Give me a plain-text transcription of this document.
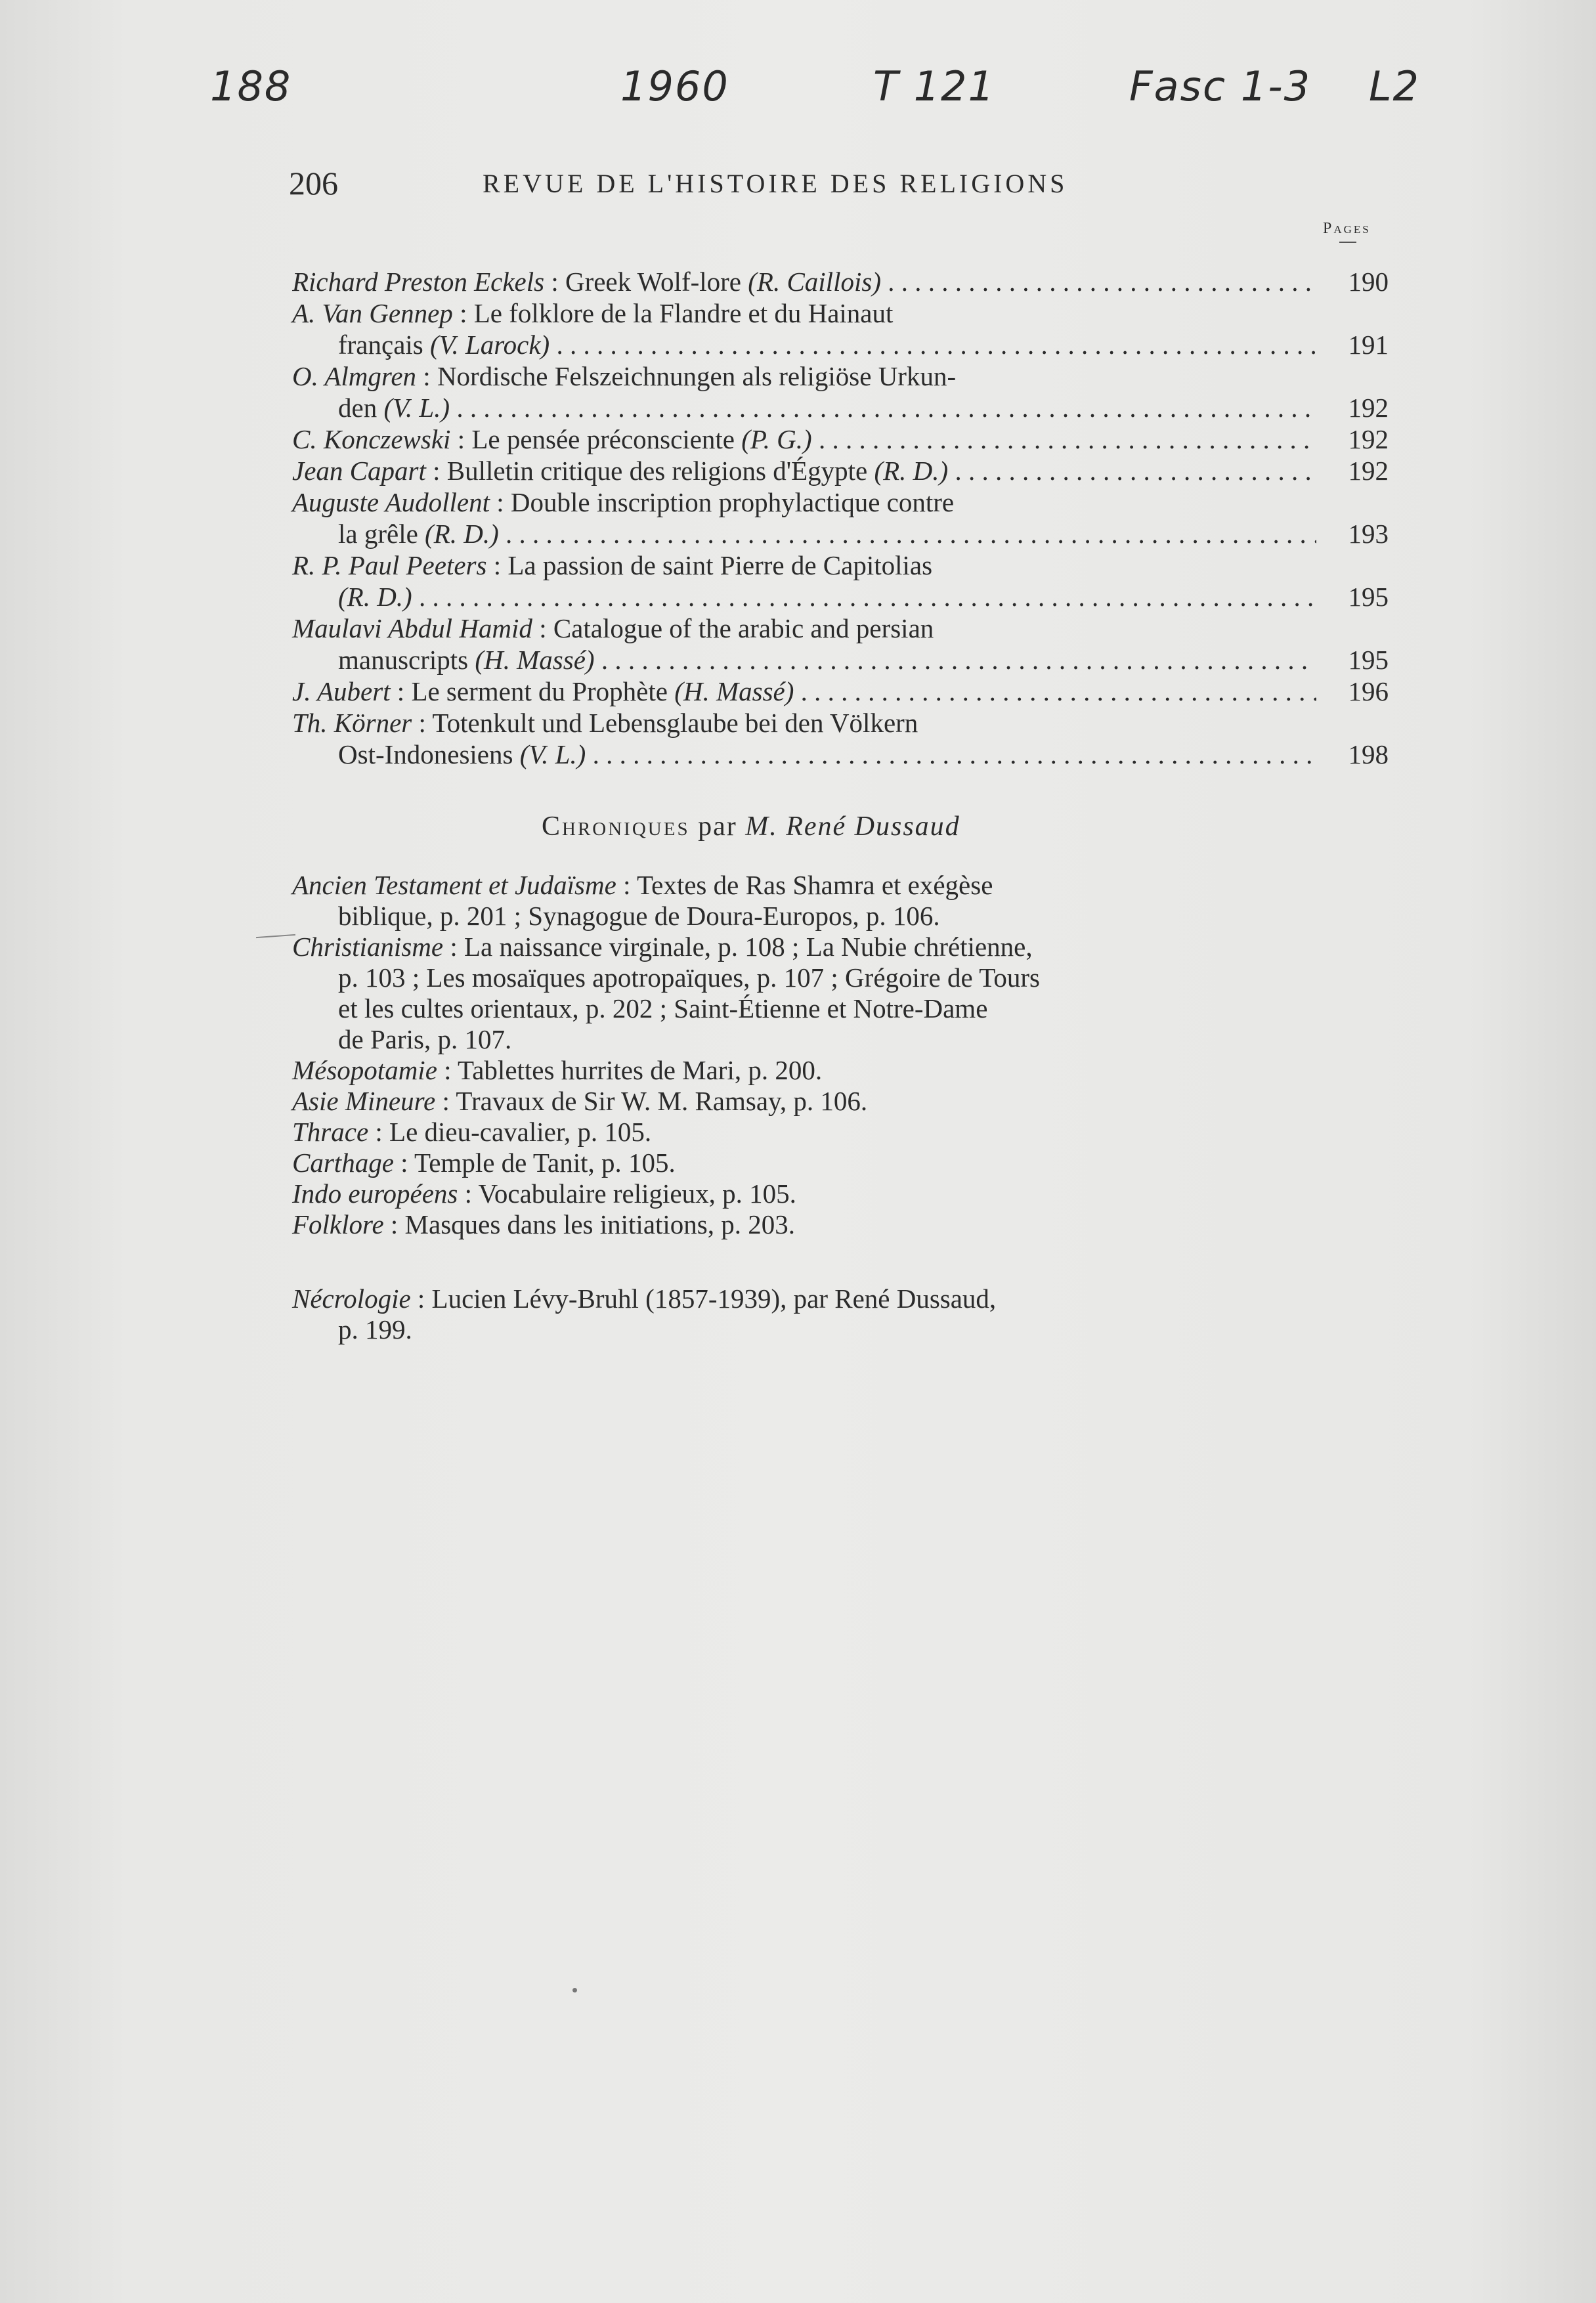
188	1960	T 121	Fasc 1-3 L2
206	REVUE DE L'HISTOIRE DES RELIGIONS
Pages
Richard Preston Eckels : Greek Wolf-lore (R. Caillois) . . .	190
A. Van Gennep : Le folklore de la Flandre et du Hainaut
français (V. Larock) . . .	191
O. Almgren : Nordische Felszeichnungen als religiöse Urkun-
den (V. L.) . . .	192
C. Konczewski : Le pensée préconsciente (P. G.) . . .	192
Jean Capart : Bulletin critique des religions d'Égypte (R. D.) . . .	192
Auguste Audollent : Double inscription prophylactique contre
la grêle (R. D.) . . .	193
R. P. Paul Peeters : La passion de saint Pierre de Capitolias
(R. D.) . . .	195
Maulavi Abdul Hamid : Catalogue of the arabic and persian
manuscripts (H. Massé) . . .	195
J. Aubert : Le serment du Prophète (H. Massé) . . .	196
Th. Körner : Totenkult und Lebensglaube bei den Völkern
Ost-Indonesiens (V. L.) . . .	198
Chroniques par M. René Dussaud
Ancien Testament et Judaïsme : Textes de Ras Shamra et exégèse
biblique, p. 201 ; Synagogue de Doura-Europos, p. 106.
Christianisme : La naissance virginale, p. 108 ; La Nubie chrétienne,
p. 103 ; Les mosaïques apotropaïques, p. 107 ; Grégoire de Tours
et les cultes orientaux, p. 202 ; Saint-Étienne et Notre-Dame
de Paris, p. 107.
Mésopotamie : Tablettes hurrites de Mari, p. 200.
Asie Mineure : Travaux de Sir W. M. Ramsay, p. 106.
Thrace : Le dieu-cavalier, p. 105.
Carthage : Temple de Tanit, p. 105.
Indo européens : Vocabulaire religieux, p. 105.
Folklore : Masques dans les initiations, p. 203.
Nécrologie : Lucien Lévy-Bruhl (1857-1939), par René Dussaud,
p. 199.
